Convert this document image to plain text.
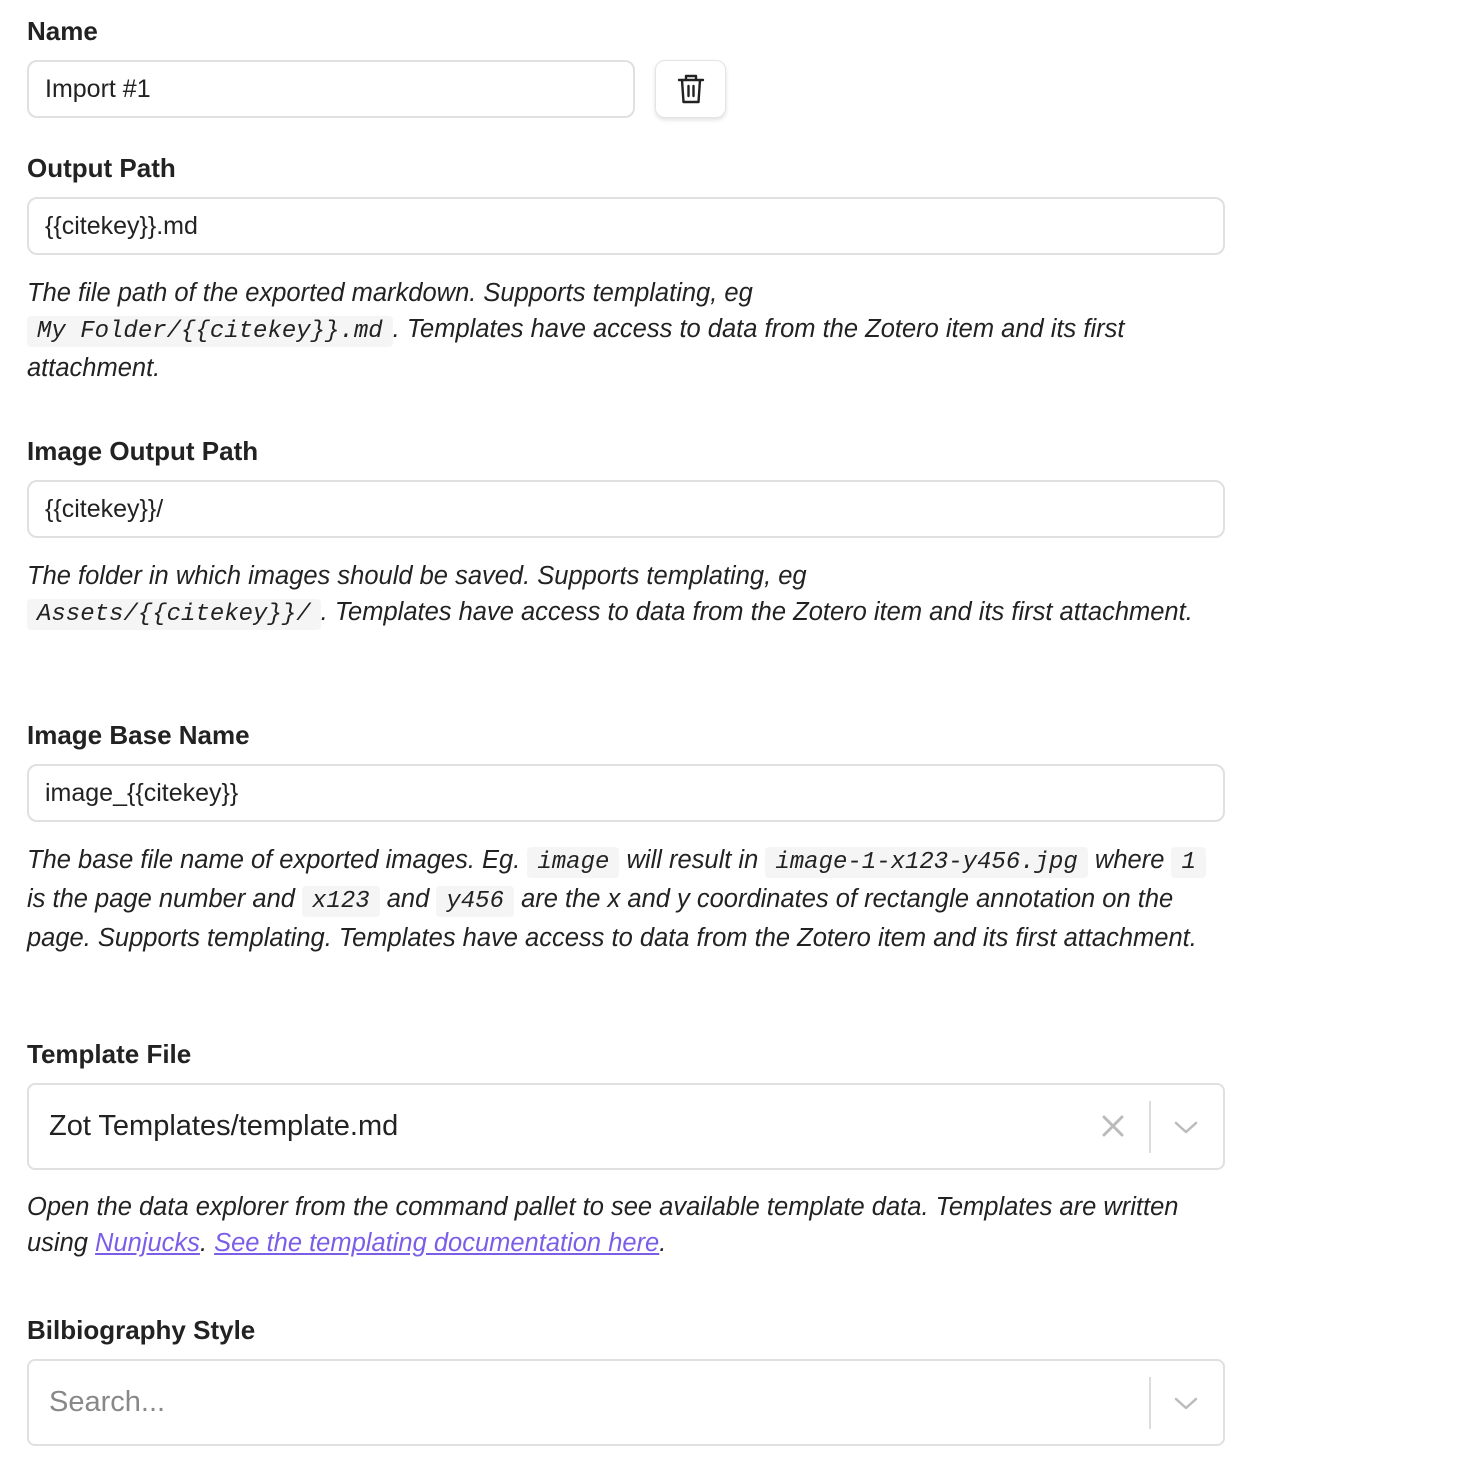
Name
Import #1
Output Path
{{citekey}}.md
The file path of the exported markdown. Supports templating, eg
My Folder/{{citekey}}.md . Templates have access to data from the Zotero item and its first attachment.
Image Output Path
{{citekey}}/
The folder in which images should be saved. Supports templating, eg
Assets/{{citekey}}/ . Templates have access to data from the Zotero item and its first attachment.
Image Base Name
image_{{citekey}}
The base file name of exported images. Eg. image will result in image-1-x123-y456.jpg where 1 is the page number and x123 and y456 are the x and y coordinates of rectangle annotation on the page. Supports templating. Templates have access to data from the Zotero item and its first attachment.
Template File
Zot Templates/template.md
Open the data explorer from the command pallet to see available template data. Templates are written using Nunjucks. See the templating documentation here.
Bilbiography Style
Search...
